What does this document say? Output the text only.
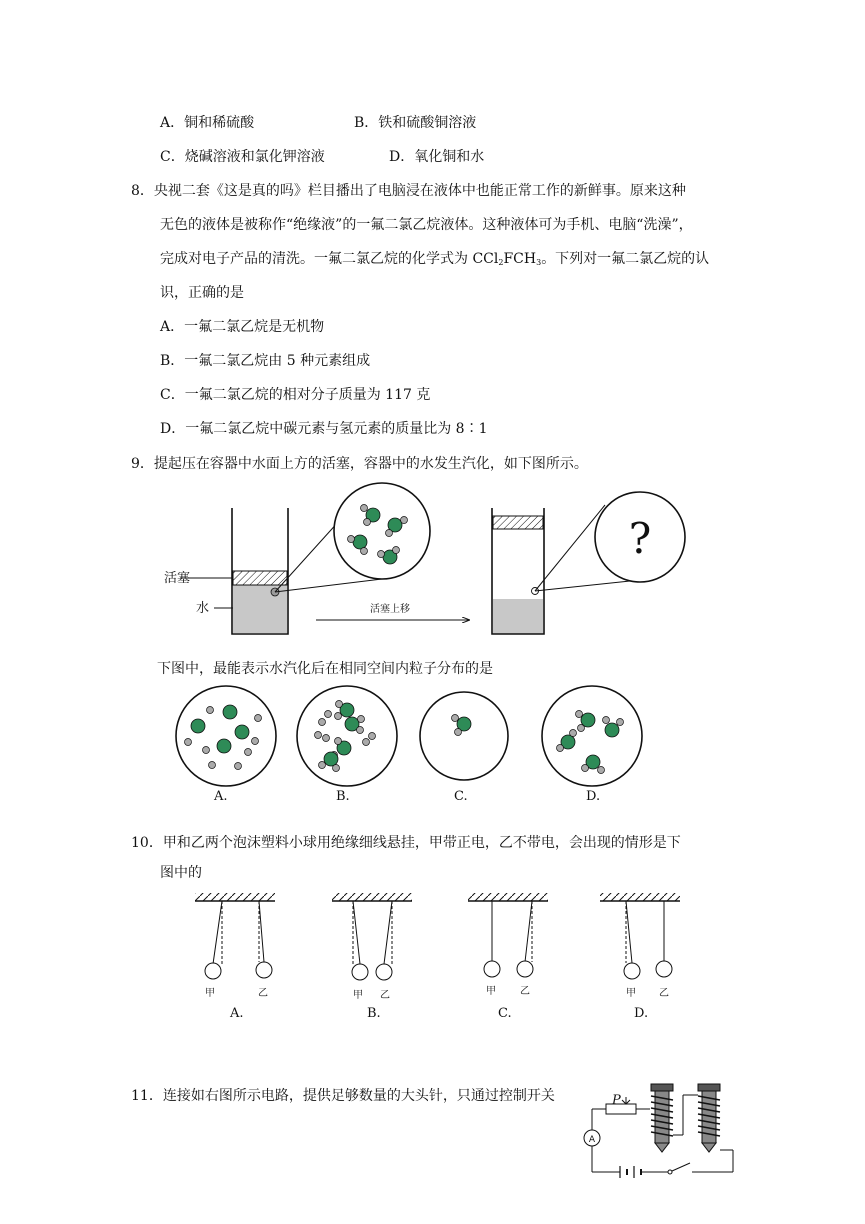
A．铜和稀硫酸	B．铁和硫酸铜溶液
C．烧碱溶液和氯化钾溶液	D．氧化铜和水
8．央视二套《这是真的吗》栏目播出了电脑浸在液体中也能正常工作的新鲜事。原来这种
无色的液体是被称作“绝缘液”的一氟二氯乙烷液体。这种液体可为手机、电脑“洗澡”，
完成对电子产品的清洗。一氟二氯乙烷的化学式为 $CCl_2FCH_3$。下列对一氟二氯乙烷的认
识，正确的是
A．一氟二氯乙烷是无机物
B．一氟二氯乙烷由 5 种元素组成
C．一氟二氯乙烷的相对分子质量为 117 克
D．一氟二氯乙烷中碳元素与氢元素的质量比为 8∶1
9．提起压在容器中水面上方的活塞，容器中的水发生汽化，如下图所示。
活塞
水	活塞上移
?
下图中，最能表示水汽化后在相同空间内粒子分布的是
A.	B.	C.	D.
10．甲和乙两个泡沫塑料小球用绝缘细线悬挂，甲带正电，乙不带电，会出现的情形是下
图中的
甲	乙	甲 乙	甲 乙	甲 乙
A.	B.	C.	D.
11．连接如右图所示电路，提供足够数量的大头针，只通过控制开关	P
A
